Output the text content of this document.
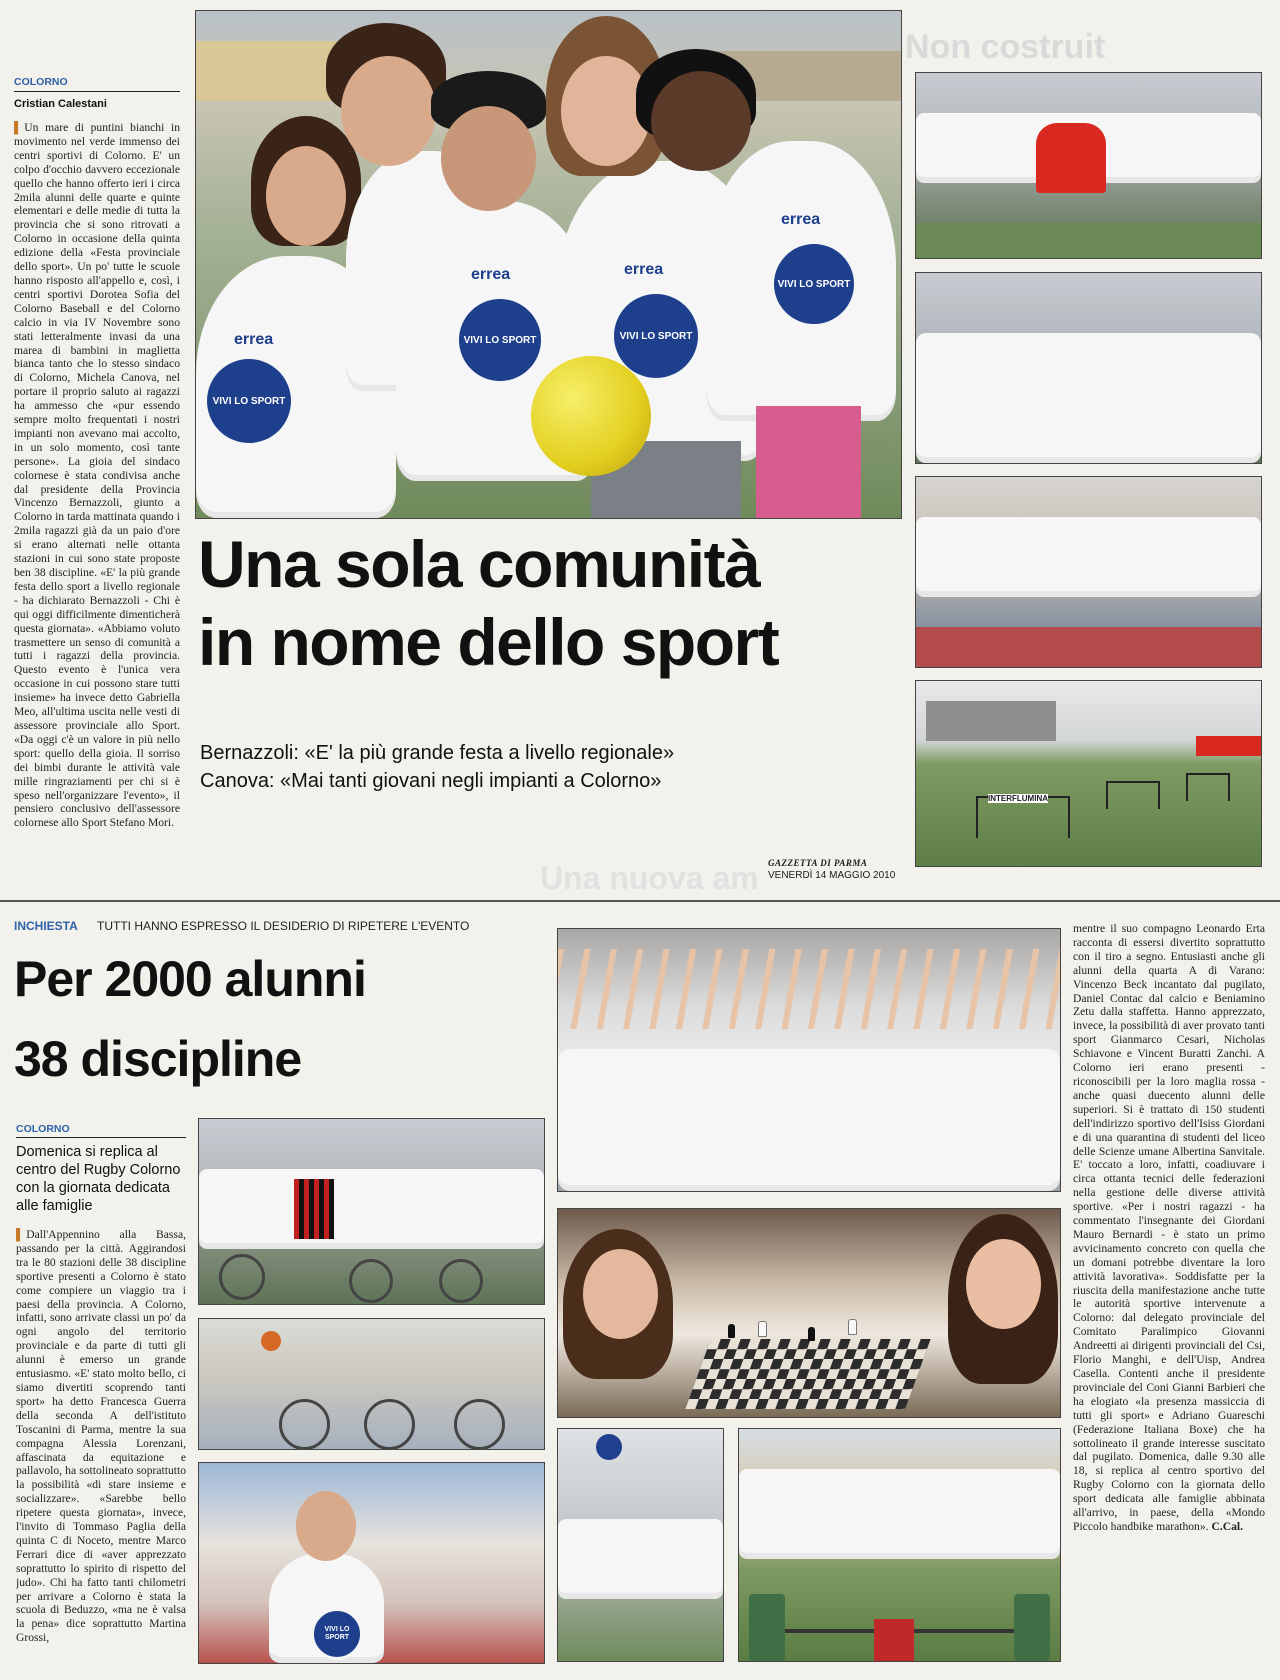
Non costruit
Una nuova am
COLORNO
Cristian Calestani

▌ Un mare di puntini bianchi in movimento nel verde immenso dei centri sportivi di Colorno. E' un colpo d'occhio davvero eccezionale quello che hanno offerto ieri i circa 2mila alunni delle quarte e quinte elementari e delle medie di tutta la provincia che si sono ritrovati a Colorno in occasione della quinta edizione della «Festa provinciale dello sport». Un po' tutte le scuole hanno risposto all'appello e, così, i centri sportivi Dorotea Sofia del Colorno Baseball e del Colorno calcio in via IV Novembre sono stati letteralmente invasi da una marea di bambini in maglietta bianca tanto che lo stesso sindaco di Colorno, Michela Canova, nel portare il proprio saluto ai ragazzi ha ammesso che «pur essendo sempre molto frequentati i nostri impianti non avevano mai accolto, in un solo momento, così tante persone». La gioia del sindaco colornese è stata condivisa anche dal presidente della Provincia Vincenzo Bernazzoli, giunto a Colorno in tarda mattinata quando i 2mila ragazzi già da un paio d'ore si erano alternati nelle ottanta stazioni in cui sono state proposte ben 38 discipline. «E' la più grande festa dello sport a livello regionale - ha dichiarato Bernazzoli - Chi è qui oggi difficilmente dimenticherà questa giornata». «Abbiamo voluto trasmettere un senso di comunità a tutti i ragazzi della provincia. Questo evento è l'unica vera occasione in cui possono stare tutti insieme» ha invece detto Gabriella Meo, all'ultima uscita nelle vesti di assessore provinciale allo Sport. «Da oggi c'è un valore in più nello sport: quello della gioia. Il sorriso dei bimbi durante le attività vale mille ringraziamenti per chi si è speso nell'organizzare l'evento», il pensiero conclusivo dell'assessore colornese allo Sport Stefano Mori.

errea
VIVI LO SPORT
errea
VIVI LO SPORT
errea
VIVI LO SPORT
errea
VIVI LO SPORT
INTERFLUMINA
Una sola comunità
in nome dello sport
Bernazzoli: «E' la più grande festa a livello regionale»
Canova: «Mai tanti giovani negli impianti a Colorno»
GAZZETTA DI PARMA
VENERDÌ 14 MAGGIO 2010
INCHIESTA TUTTI HANNO ESPRESSO IL DESIDERIO DI RIPETERE L'EVENTO
Per 2000 alunni
38 discipline
COLORNO
Domenica si replica al centro del Rugby Colorno con la giornata dedicata alle famiglie

▌ Dall'Appennino alla Bassa, passando per la città. Aggirandosi tra le 80 stazioni delle 38 discipline sportive presenti a Colorno è stato come compiere un viaggio tra i paesi della provincia. A Colorno, infatti, sono arrivate classi un po' da ogni angolo del territorio provinciale e da parte di tutti gli alunni è emerso un grande entusiasmo. «E' stato molto bello, ci siamo divertiti scoprendo tanti sport» ha detto Francesca Guerra della seconda A dell'istituto Toscanini di Parma, mentre la sua compagna Alessia Lorenzani, affascinata da equitazione e pallavolo, ha sottolineato soprattutto la possibilità «di stare insieme e socializzare». «Sarebbe bello ripetere questa giornata», invece, l'invito di Tommaso Paglia della quinta C di Noceto, mentre Marco Ferrari dice di «aver apprezzato soprattutto lo spirito di rispetto del judo». Chi ha fatto tanti chilometri per arrivare a Colorno è stata la scuola di Beduzzo, «ma ne è valsa la pena» dice soprattutto Martina Grossi,

VIVI LO SPORT

mentre il suo compagno Leonardo Erta racconta di essersi divertito soprattutto con il tiro a segno. Entusiasti anche gli alunni della quarta A di Varano: Vincenzo Beck incantato dal pugilato, Daniel Contac dal calcio e Beniamino Zetu dalla staffetta. Hanno apprezzato, invece, la possibilità di aver provato tanti sport Gianmarco Cesari, Nicholas Schiavone e Vincent Buratti Zanchi. A Colorno ieri erano presenti - riconoscibili per la loro maglia rossa - anche quasi duecento alunni delle superiori. Si è trattato di 150 studenti dell'indirizzo sportivo dell'Isiss Giordani e di una quarantina di studenti del liceo delle Scienze umane Albertina Sanvitale. E' toccato a loro, infatti, coadiuvare i circa ottanta tecnici delle federazioni nella gestione delle diverse attività sportive. «Per i nostri ragazzi - ha commentato l'insegnante dei Giordani Mauro Bernardi - è stato un primo avvicinamento concreto con quella che un domani potrebbe diventare la loro attività lavorativa». Soddisfatte per la riuscita della manifestazione anche tutte le autorità sportive intervenute a Colorno: dal delegato provinciale del Comitato Paralimpico Giovanni Andreetti ai dirigenti provinciali del Csi, Florio Manghi, e dell'Uisp, Andrea Casella. Contenti anche il presidente provinciale del Coni Gianni Barbieri che ha elogiato «la presenza massiccia di tutti gli sport» e Adriano Guareschi (Federazione Italiana Boxe) che ha sottolineato il grande interesse suscitato dal pugilato. Domenica, dalle 9.30 alle 18, si replica al centro sportivo del Rugby Colorno con la giornata dello sport dedicata alle famiglie abbinata all'arrivo, in paese, della «Mondo Piccolo handbike marathon». C.Cal.
